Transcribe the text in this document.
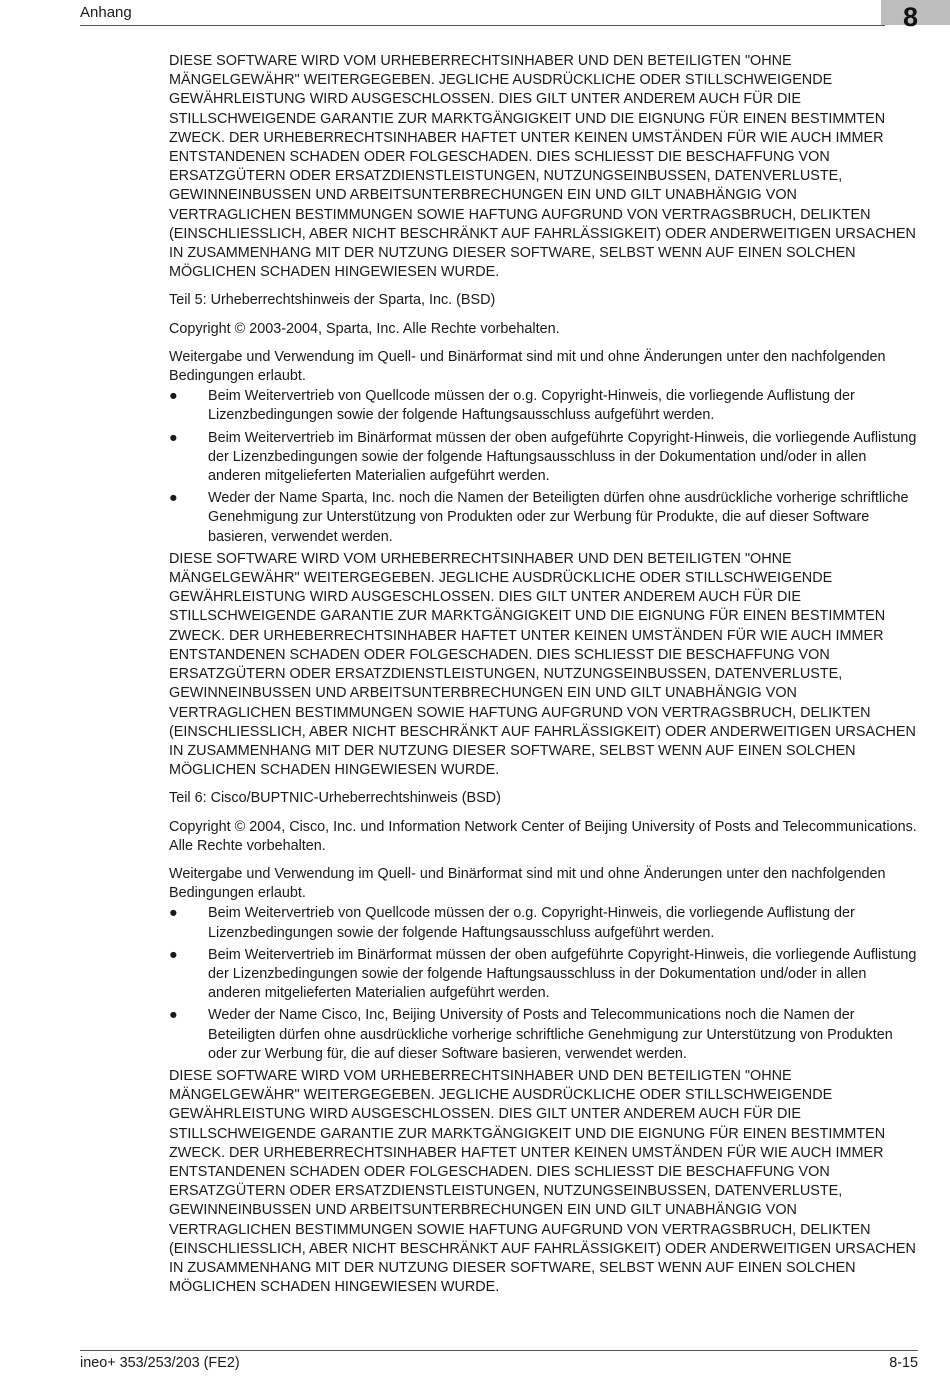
Anhang	8

DIESE SOFTWARE WIRD VOM URHEBERRECHTSINHABER UND DEN BETEILIGTEN "OHNE MÄNGELGEWÄHR" WEITERGEGEBEN. JEGLICHE AUSDRÜCKLICHE ODER STILLSCHWEIGENDE GEWÄHRLEISTUNG WIRD AUSGESCHLOSSEN. DIES GILT UNTER ANDEREM AUCH FÜR DIE STILLSCHWEIGENDE GARANTIE ZUR MARKTGÄNGIGKEIT UND DIE EIGNUNG FÜR EINEN BESTIMMTEN ZWECK. DER URHEBERRECHTSINHABER HAFTET UNTER KEINEN UMSTÄNDEN FÜR WIE AUCH IMMER ENTSTANDENEN SCHADEN ODER FOLGESCHADEN. DIES SCHLIESST DIE BESCHAFFUNG VON ERSATZGÜTERN ODER ERSATZDIENSTLEISTUNGEN, NUTZUNGSEINBUSSEN, DATENVERLUSTE, GEWINNEINBUSSEN UND ARBEITSUNTERBRECHUNGEN EIN UND GILT UNABHÄNGIG VON VERTRAGLICHEN BESTIMMUNGEN SOWIE HAFTUNG AUFGRUND VON VERTRAGSBRUCH, DELIKTEN (EINSCHLIESSLICH, ABER NICHT BESCHRÄNKT AUF FAHRLÄSSIGKEIT) ODER ANDERWEITIGEN URSACHEN IN ZUSAMMENHANG MIT DER NUTZUNG DIESER SOFTWARE, SELBST WENN AUF EINEN SOLCHEN MÖGLICHEN SCHADEN HINGEWIESEN WURDE.

Teil 5: Urheberrechtshinweis der Sparta, Inc. (BSD)

Copyright © 2003-2004, Sparta, Inc. Alle Rechte vorbehalten.

Weitergabe und Verwendung im Quell- und Binärformat sind mit und ohne Änderungen unter den nachfolgenden Bedingungen erlaubt.

● Beim Weitervertrieb von Quellcode müssen der o.g. Copyright-Hinweis, die vorliegende Auflistung der Lizenzbedingungen sowie der folgende Haftungsausschluss aufgeführt werden.
● Beim Weitervertrieb im Binärformat müssen der oben aufgeführte Copyright-Hinweis, die vorliegende Auflistung der Lizenzbedingungen sowie der folgende Haftungsausschluss in der Dokumentation und/oder in allen anderen mitgelieferten Materialien aufgeführt werden.
● Weder der Name Sparta, Inc. noch die Namen der Beteiligten dürfen ohne ausdrückliche vorherige schriftliche Genehmigung zur Unterstützung von Produkten oder zur Werbung für Produkte, die auf dieser Software basieren, verwendet werden.

DIESE SOFTWARE WIRD VOM URHEBERRECHTSINHABER UND DEN BETEILIGTEN "OHNE MÄNGELGEWÄHR" WEITERGEGEBEN. JEGLICHE AUSDRÜCKLICHE ODER STILLSCHWEIGENDE GEWÄHRLEISTUNG WIRD AUSGESCHLOSSEN. DIES GILT UNTER ANDEREM AUCH FÜR DIE STILLSCHWEIGENDE GARANTIE ZUR MARKTGÄNGIGKEIT UND DIE EIGNUNG FÜR EINEN BESTIMMTEN ZWECK. DER URHEBERRECHTSINHABER HAFTET UNTER KEINEN UMSTÄNDEN FÜR WIE AUCH IMMER ENTSTANDENEN SCHADEN ODER FOLGESCHADEN. DIES SCHLIESST DIE BESCHAFFUNG VON ERSATZGÜTERN ODER ERSATZDIENSTLEISTUNGEN, NUTZUNGSEINBUSSEN, DATENVERLUSTE, GEWINNEINBUSSEN UND ARBEITSUNTERBRECHUNGEN EIN UND GILT UNABHÄNGIG VON VERTRAGLICHEN BESTIMMUNGEN SOWIE HAFTUNG AUFGRUND VON VERTRAGSBRUCH, DELIKTEN (EINSCHLIESSLICH, ABER NICHT BESCHRÄNKT AUF FAHRLÄSSIGKEIT) ODER ANDERWEITIGEN URSACHEN IN ZUSAMMENHANG MIT DER NUTZUNG DIESER SOFTWARE, SELBST WENN AUF EINEN SOLCHEN MÖGLICHEN SCHADEN HINGEWIESEN WURDE.

Teil 6: Cisco/BUPTNIC-Urheberrechtshinweis (BSD)

Copyright © 2004, Cisco, Inc. und Information Network Center of Beijing University of Posts and Telecommunications. Alle Rechte vorbehalten.

Weitergabe und Verwendung im Quell- und Binärformat sind mit und ohne Änderungen unter den nachfolgenden Bedingungen erlaubt.

● Beim Weitervertrieb von Quellcode müssen der o.g. Copyright-Hinweis, die vorliegende Auflistung der Lizenzbedingungen sowie der folgende Haftungsausschluss aufgeführt werden.
● Beim Weitervertrieb im Binärformat müssen der oben aufgeführte Copyright-Hinweis, die vorliegende Auflistung der Lizenzbedingungen sowie der folgende Haftungsausschluss in der Dokumentation und/oder in allen anderen mitgelieferten Materialien aufgeführt werden.
● Weder der Name Cisco, Inc, Beijing University of Posts and Telecommunications noch die Namen der Beteiligten dürfen ohne ausdrückliche vorherige schriftliche Genehmigung zur Unterstützung von Produkten oder zur Werbung für, die auf dieser Software basieren, verwendet werden.

DIESE SOFTWARE WIRD VOM URHEBERRECHTSINHABER UND DEN BETEILIGTEN "OHNE MÄNGELGEWÄHR" WEITERGEGEBEN. JEGLICHE AUSDRÜCKLICHE ODER STILLSCHWEIGENDE GEWÄHRLEISTUNG WIRD AUSGESCHLOSSEN. DIES GILT UNTER ANDEREM AUCH FÜR DIE STILLSCHWEIGENDE GARANTIE ZUR MARKTGÄNGIGKEIT UND DIE EIGNUNG FÜR EINEN BESTIMMTEN ZWECK. DER URHEBERRECHTSINHABER HAFTET UNTER KEINEN UMSTÄNDEN FÜR WIE AUCH IMMER ENTSTANDENEN SCHADEN ODER FOLGESCHADEN. DIES SCHLIESST DIE BESCHAFFUNG VON ERSATZGÜTERN ODER ERSATZDIENSTLEISTUNGEN, NUTZUNGSEINBUSSEN, DATENVERLUSTE, GEWINNEINBUSSEN UND ARBEITSUNTERBRECHUNGEN EIN UND GILT UNABHÄNGIG VON VERTRAGLICHEN BESTIMMUNGEN SOWIE HAFTUNG AUFGRUND VON VERTRAGSBRUCH, DELIKTEN (EINSCHLIESSLICH, ABER NICHT BESCHRÄNKT AUF FAHRLÄSSIGKEIT) ODER ANDERWEITIGEN URSACHEN IN ZUSAMMENHANG MIT DER NUTZUNG DIESER SOFTWARE, SELBST WENN AUF EINEN SOLCHEN MÖGLICHEN SCHADEN HINGEWIESEN WURDE.

ineo+ 353/253/203 (FE2)	8-15
